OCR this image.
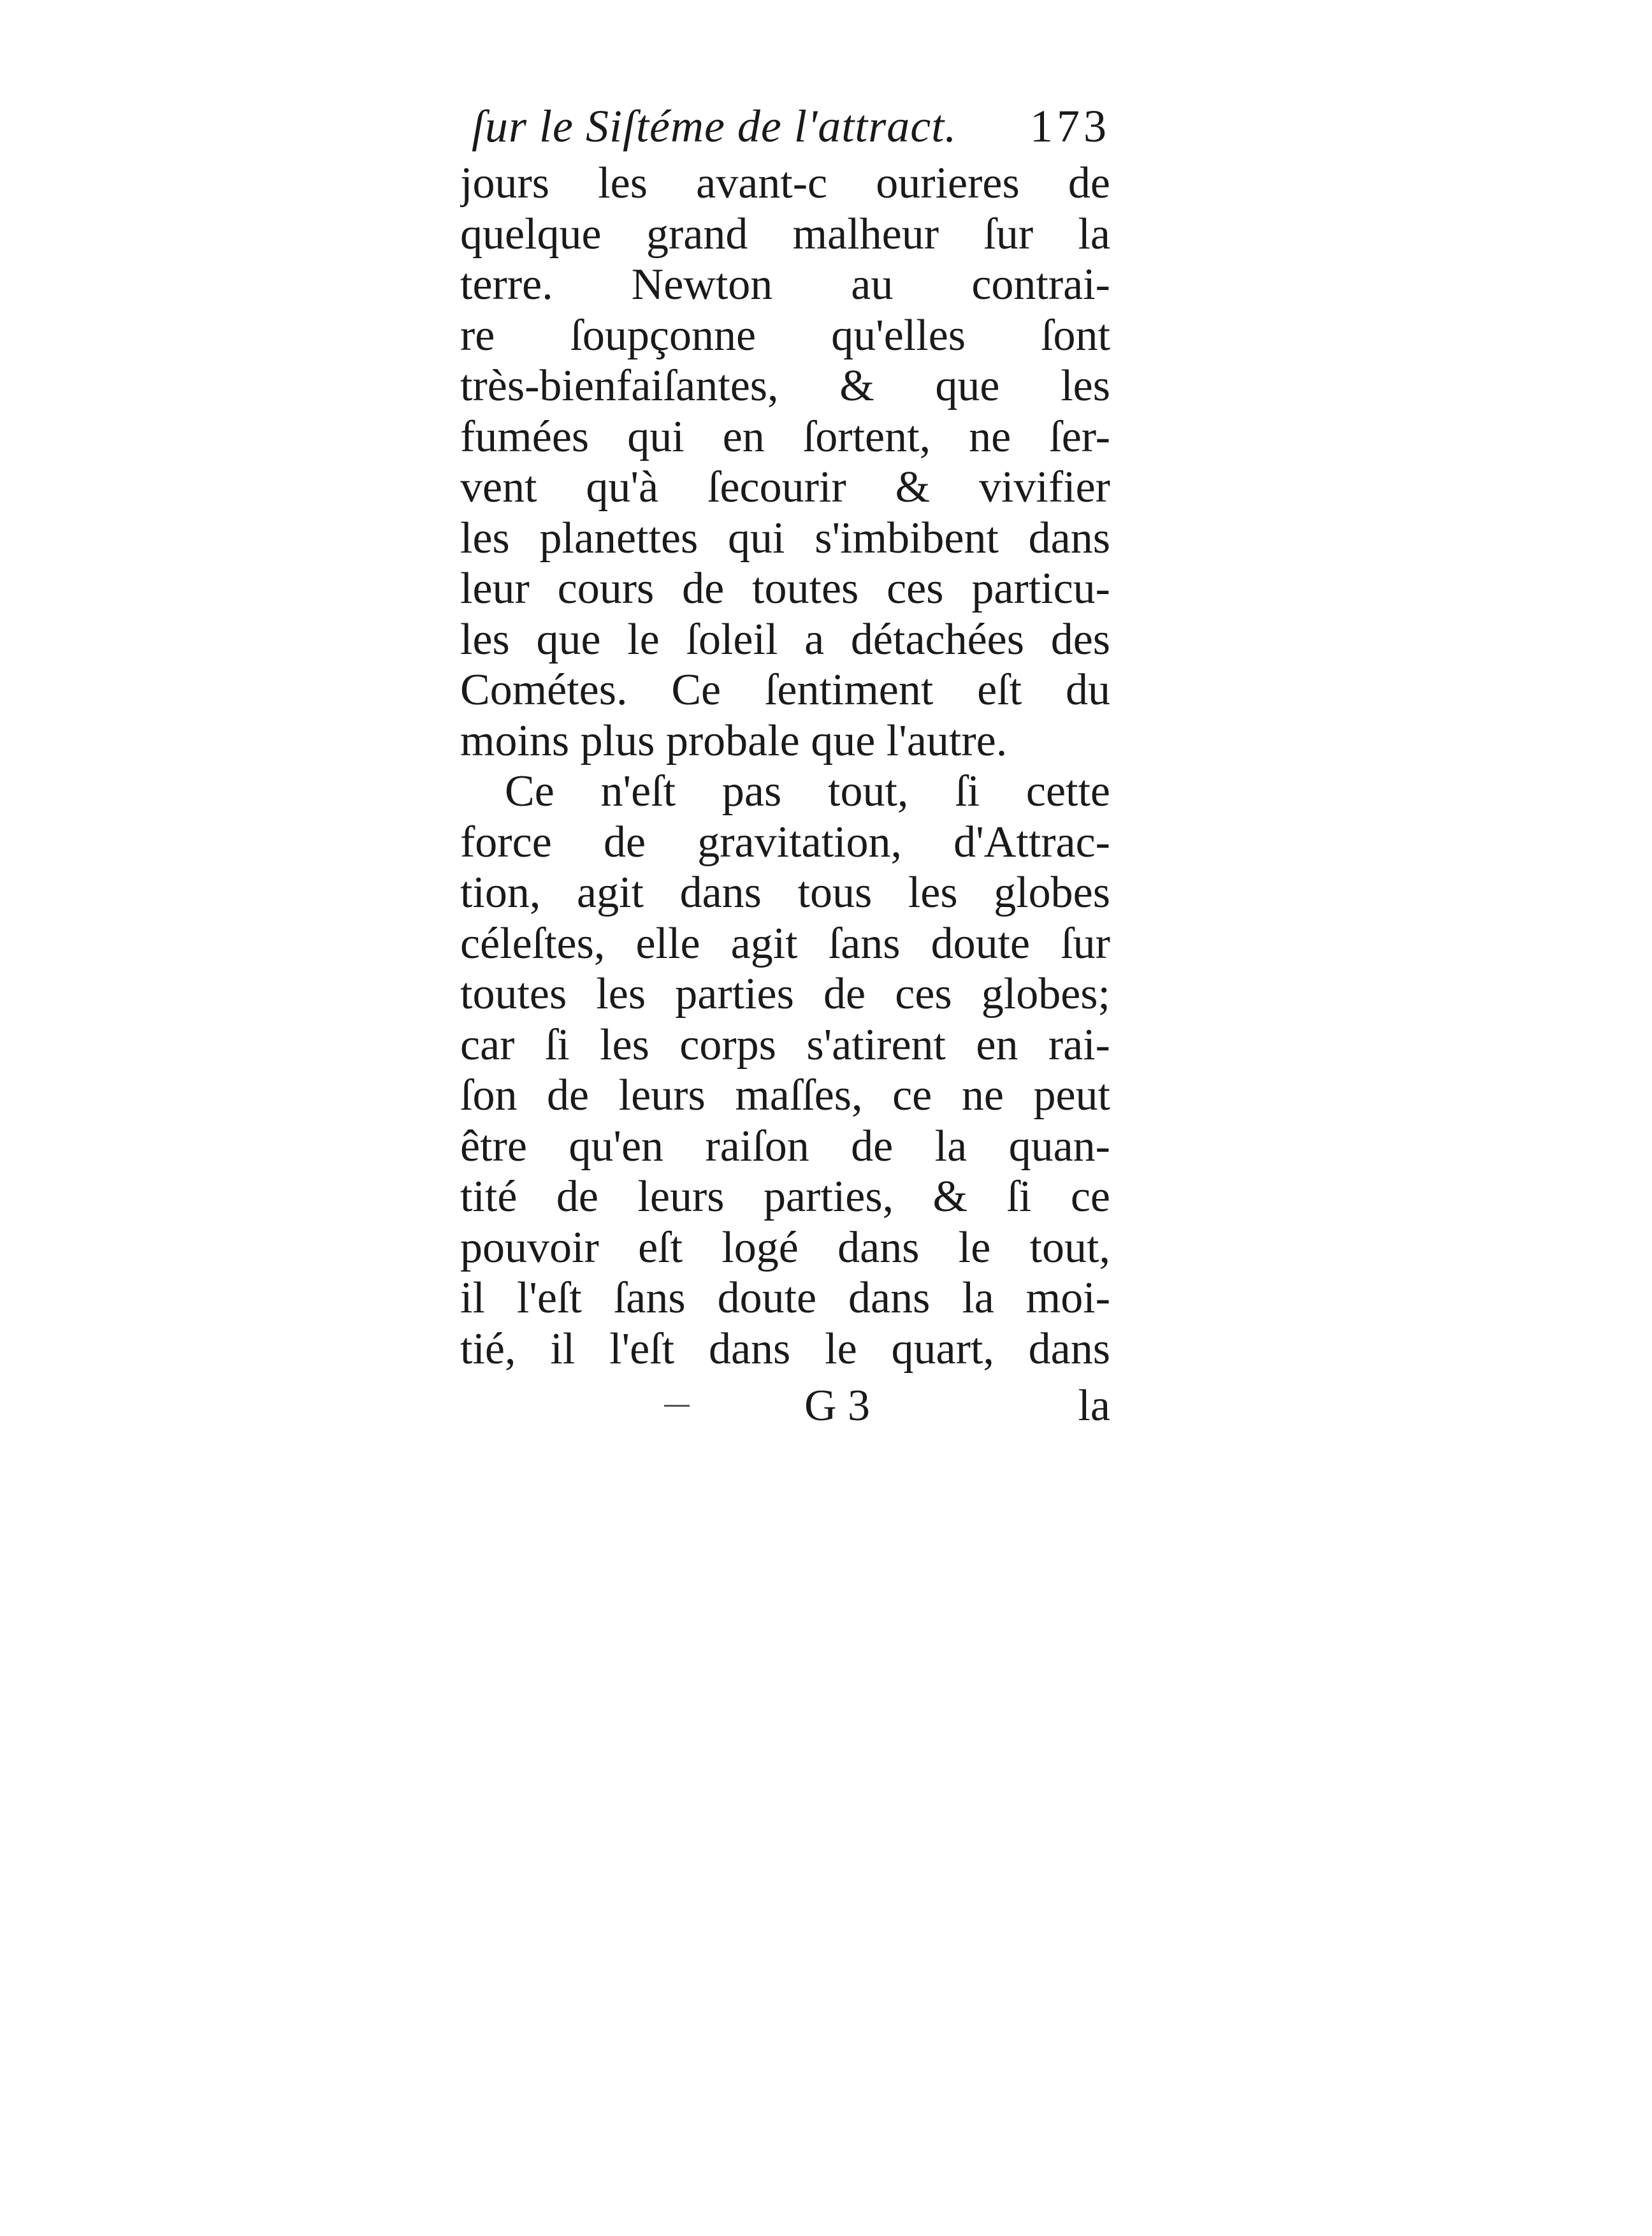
ſur le Siſtéme de l'attract. 173
jours les avant-c ourieres de
quelque grand malheur ſur la
terre. Newton au contrai-
re ſoupçonne qu'elles ſont
très-bienfaiſantes, & que les
fumées qui en ſortent, ne ſer-
vent qu'à ſecourir & vivifier
les planettes qui s'imbibent dans
leur cours de toutes ces particu-
les que le ſoleil a détachées des
Cométes. Ce ſentiment eſt du
moins plus probale que l'autre.
Ce n'eſt pas tout, ſi cette
force de gravitation, d'Attrac-
tion, agit dans tous les globes
céleſtes, elle agit ſans doute ſur
toutes les parties de ces globes;
car ſi les corps s'atirent en rai-
ſon de leurs maſſes, ce ne peut
être qu'en raiſon de la quan-
tité de leurs parties, & ſi ce
pouvoir eſt logé dans le tout,
il l'eſt ſans doute dans la moi-
tié, il l'eſt dans le quart, dans
G 3	la
